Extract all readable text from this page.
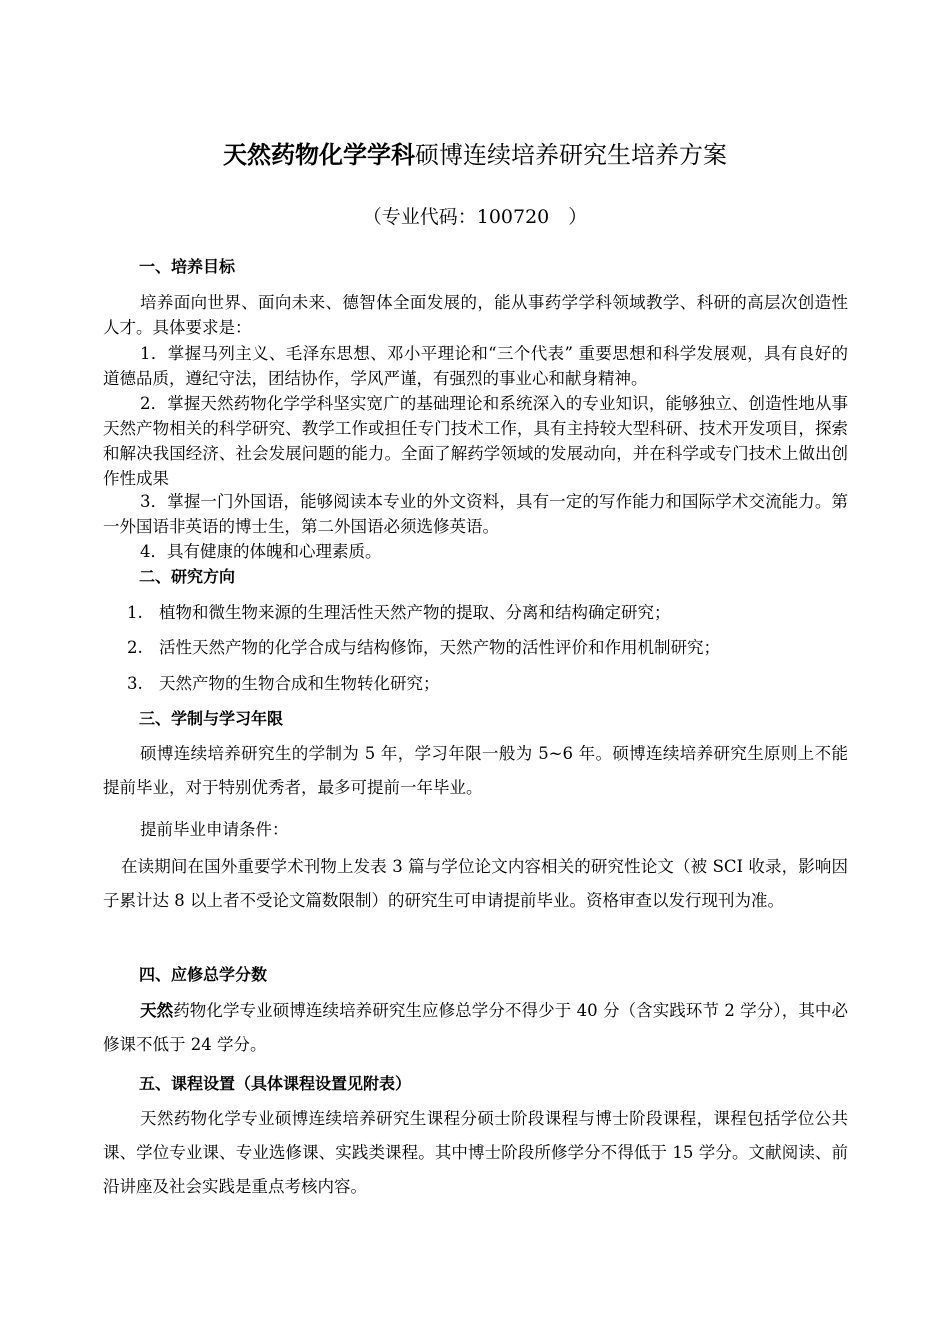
天然药物化学学科硕博连续培养研究生培养方案
（专业代码：100720　）
一、培养目标
培养面向世界、面向未来、德智体全面发展的，能从事药学学科领域教学、科研的高层次创造性人才。具体要求是：
1．掌握马列主义、毛泽东思想、邓小平理论和“三个代表” 重要思想和科学发展观，具有良好的道德品质，遵纪守法，团结协作，学风严谨，有强烈的事业心和献身精神。
2．掌握天然药物化学学科坚实宽广的基础理论和系统深入的专业知识，能够独立、创造性地从事天然产物相关的科学研究、教学工作或担任专门技术工作，具有主持较大型科研、技术开发项目，探索和解决我国经济、社会发展问题的能力。全面了解药学领域的发展动向，并在科学或专门技术上做出创作性成果
3．掌握一门外国语，能够阅读本专业的外文资料，具有一定的写作能力和国际学术交流能力。第一外国语非英语的博士生，第二外国语必须选修英语。
4．具有健康的体魄和心理素质。
二、研究方向
1. 植物和微生物来源的生理活性天然产物的提取、分离和结构确定研究；
2. 活性天然产物的化学合成与结构修饰，天然产物的活性评价和作用机制研究；
3. 天然产物的生物合成和生物转化研究；
三、学制与学习年限
硕博连续培养研究生的学制为 5 年，学习年限一般为 5~6 年。硕博连续培养研究生原则上不能提前毕业，对于特别优秀者，最多可提前一年毕业。
提前毕业申请条件：
在读期间在国外重要学术刊物上发表 3 篇与学位论文内容相关的研究性论文（被 SCI 收录，影响因子累计达 8 以上者不受论文篇数限制）的研究生可申请提前毕业。资格审查以发行现刊为准。
四、应修总学分数
天然药物化学专业硕博连续培养研究生应修总学分不得少于 40 分（含实践环节 2 学分），其中必修课不低于 24 学分。
五、课程设置（具体课程设置见附表）
天然药物化学专业硕博连续培养研究生课程分硕士阶段课程与博士阶段课程，课程包括学位公共课、学位专业课、专业选修课、实践类课程。其中博士阶段所修学分不得低于 15 学分。文献阅读、前沿讲座及社会实践是重点考核内容。
